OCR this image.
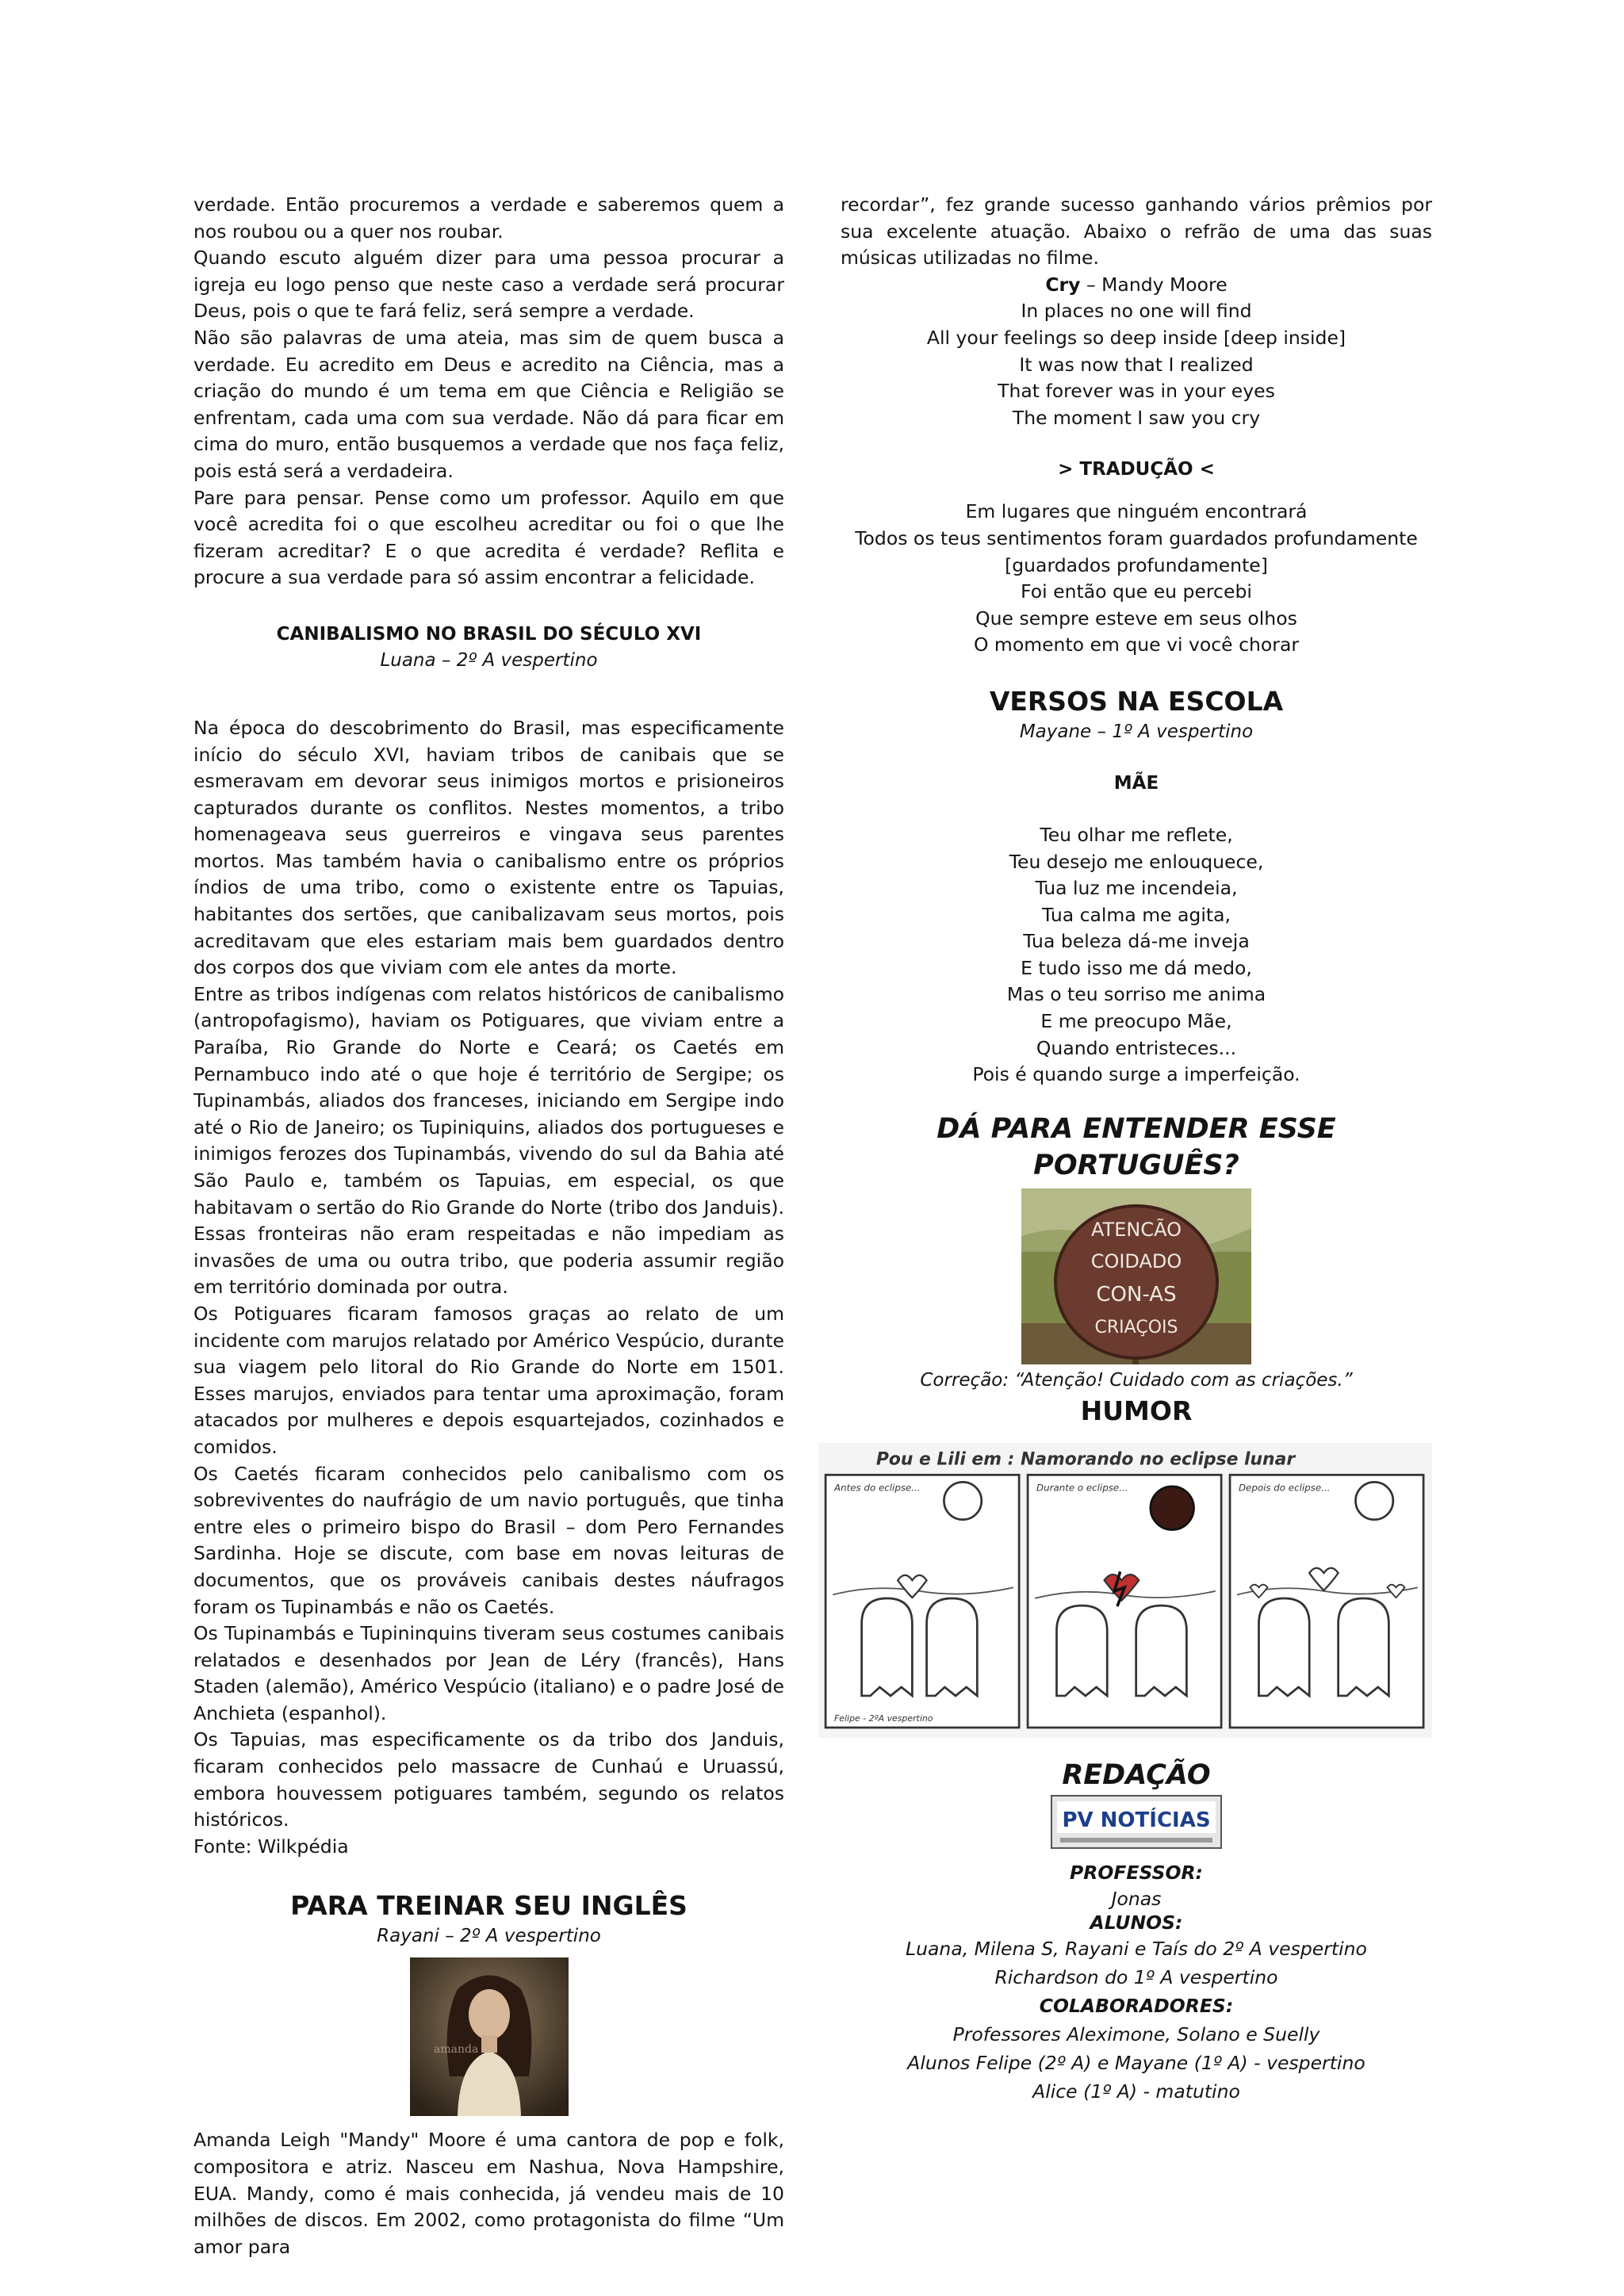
verdade. Então procuremos a verdade e saberemos quem a nos roubou ou a quer nos roubar.

Quando escuto alguém dizer para uma pessoa procurar a igreja eu logo penso que neste caso a verdade será procurar Deus, pois o que te fará feliz, será sempre a verdade.

Não são palavras de uma ateia, mas sim de quem busca a verdade. Eu acredito em Deus e acredito na Ciência, mas a criação do mundo é um tema em que Ciência e Religião se enfrentam, cada uma com sua verdade. Não dá para ficar em cima do muro, então busquemos a verdade que nos faça feliz, pois está será a verdadeira.

Pare para pensar. Pense como um professor. Aquilo em que você acredita foi o que escolheu acreditar ou foi o que lhe fizeram acreditar? E o que acredita é verdade? Reflita e procure a sua verdade para só assim encontrar a felicidade.

CANIBALISMO NO BRASIL DO SÉCULO XVI
Luana – 2º A vespertino

Na época do descobrimento do Brasil, mas especificamente início do século XVI, haviam tribos de canibais que se esmeravam em devorar seus inimigos mortos e prisioneiros capturados durante os conflitos. Nestes momentos, a tribo homenageava seus guerreiros e vingava seus parentes mortos. Mas também havia o canibalismo entre os próprios índios de uma tribo, como o existente entre os Tapuias, habitantes dos sertões, que canibalizavam seus mortos, pois acreditavam que eles estariam mais bem guardados dentro dos corpos dos que viviam com ele antes da morte.

Entre as tribos indígenas com relatos históricos de canibalismo (antropofagismo), haviam os Potiguares, que viviam entre a Paraíba, Rio Grande do Norte e Ceará; os Caetés em Pernambuco indo até o que hoje é território de Sergipe; os Tupinambás, aliados dos franceses, iniciando em Sergipe indo até o Rio de Janeiro; os Tupiniquins, aliados dos portugueses e inimigos ferozes dos Tupinambás, vivendo do sul da Bahia até São Paulo e, também os Tapuias, em especial, os que habitavam o sertão do Rio Grande do Norte (tribo dos Janduis). Essas fronteiras não eram respeitadas e não impediam as invasões de uma ou outra tribo, que poderia assumir região em território dominada por outra.

Os Potiguares ficaram famosos graças ao relato de um incidente com marujos relatado por Américo Vespúcio, durante sua viagem pelo litoral do Rio Grande do Norte em 1501. Esses marujos, enviados para tentar uma aproximação, foram atacados por mulheres e depois esquartejados, cozinhados e comidos.

Os Caetés ficaram conhecidos pelo canibalismo com os sobreviventes do naufrágio de um navio português, que tinha entre eles o primeiro bispo do Brasil – dom Pero Fernandes Sardinha. Hoje se discute, com base em novas leituras de documentos, que os prováveis canibais destes náufragos foram os Tupinambás e não os Caetés.

Os Tupinambás e Tupininquins tiveram seus costumes canibais relatados e desenhados por Jean de Léry (francês), Hans Staden (alemão), Américo Vespúcio (italiano) e o padre José de Anchieta (espanhol).

Os Tapuias, mas especificamente os da tribo dos Janduis, ficaram conhecidos pelo massacre de Cunhaú e Uruassú, embora houvessem potiguares também, segundo os relatos históricos.

Fonte: Wilkpédia

PARA TREINAR SEU INGLÊS
Rayani – 2º A vespertino
amanda

Amanda Leigh "Mandy" Moore é uma cantora de pop e folk, compositora e atriz. Nasceu em Nashua, Nova Hampshire, EUA. Mandy, como é mais conhecida, já vendeu mais de 10 milhões de discos. Em 2002, como protagonista do filme “Um amor para

recordar”, fez grande sucesso ganhando vários prêmios por sua excelente atuação. Abaixo o refrão de uma das suas músicas utilizadas no filme.

Cry – Mandy Moore
In places no one will find
All your feelings so deep inside [deep inside]
It was now that I realized
That forever was in your eyes
The moment I saw you cry
> TRADUÇÃO <
Em lugares que ninguém encontrará
Todos os teus sentimentos foram guardados profundamente
[guardados profundamente]
Foi então que eu percebi
Que sempre esteve em seus olhos
O momento em que vi você chorar
VERSOS NA ESCOLA
Mayane – 1º A vespertino
MÃE
Teu olhar me reflete,
Teu desejo me enlouquece,
Tua luz me incendeia,
Tua calma me agita,
Tua beleza dá-me inveja
E tudo isso me dá medo,
Mas o teu sorriso me anima
E me preocupo Mãe,
Quando entristeces...
Pois é quando surge a imperfeição.
DÁ PARA ENTENDER ESSE PORTUGUÊS?
ATENCÃO
COIDADO
CON-AS
CRIAÇOIS
Correção: “Atenção! Cuidado com as criações.”
HUMOR
Pou e Lili em : Namorando no eclipse lunar
Antes do eclipse...
Felipe - 2ºA vespertino
Durante o eclipse...	Depois do eclipse...
REDAÇÃO
PV NOTÍCIAS
PROFESSOR:
Jonas
ALUNOS:
Luana, Milena S, Rayani e Taís do 2º A vespertino
Richardson do 1º A vespertino
COLABORADORES:
Professores Aleximone, Solano e Suelly
Alunos Felipe (2º A) e Mayane (1º A) - vespertino
Alice (1º A) - matutino
